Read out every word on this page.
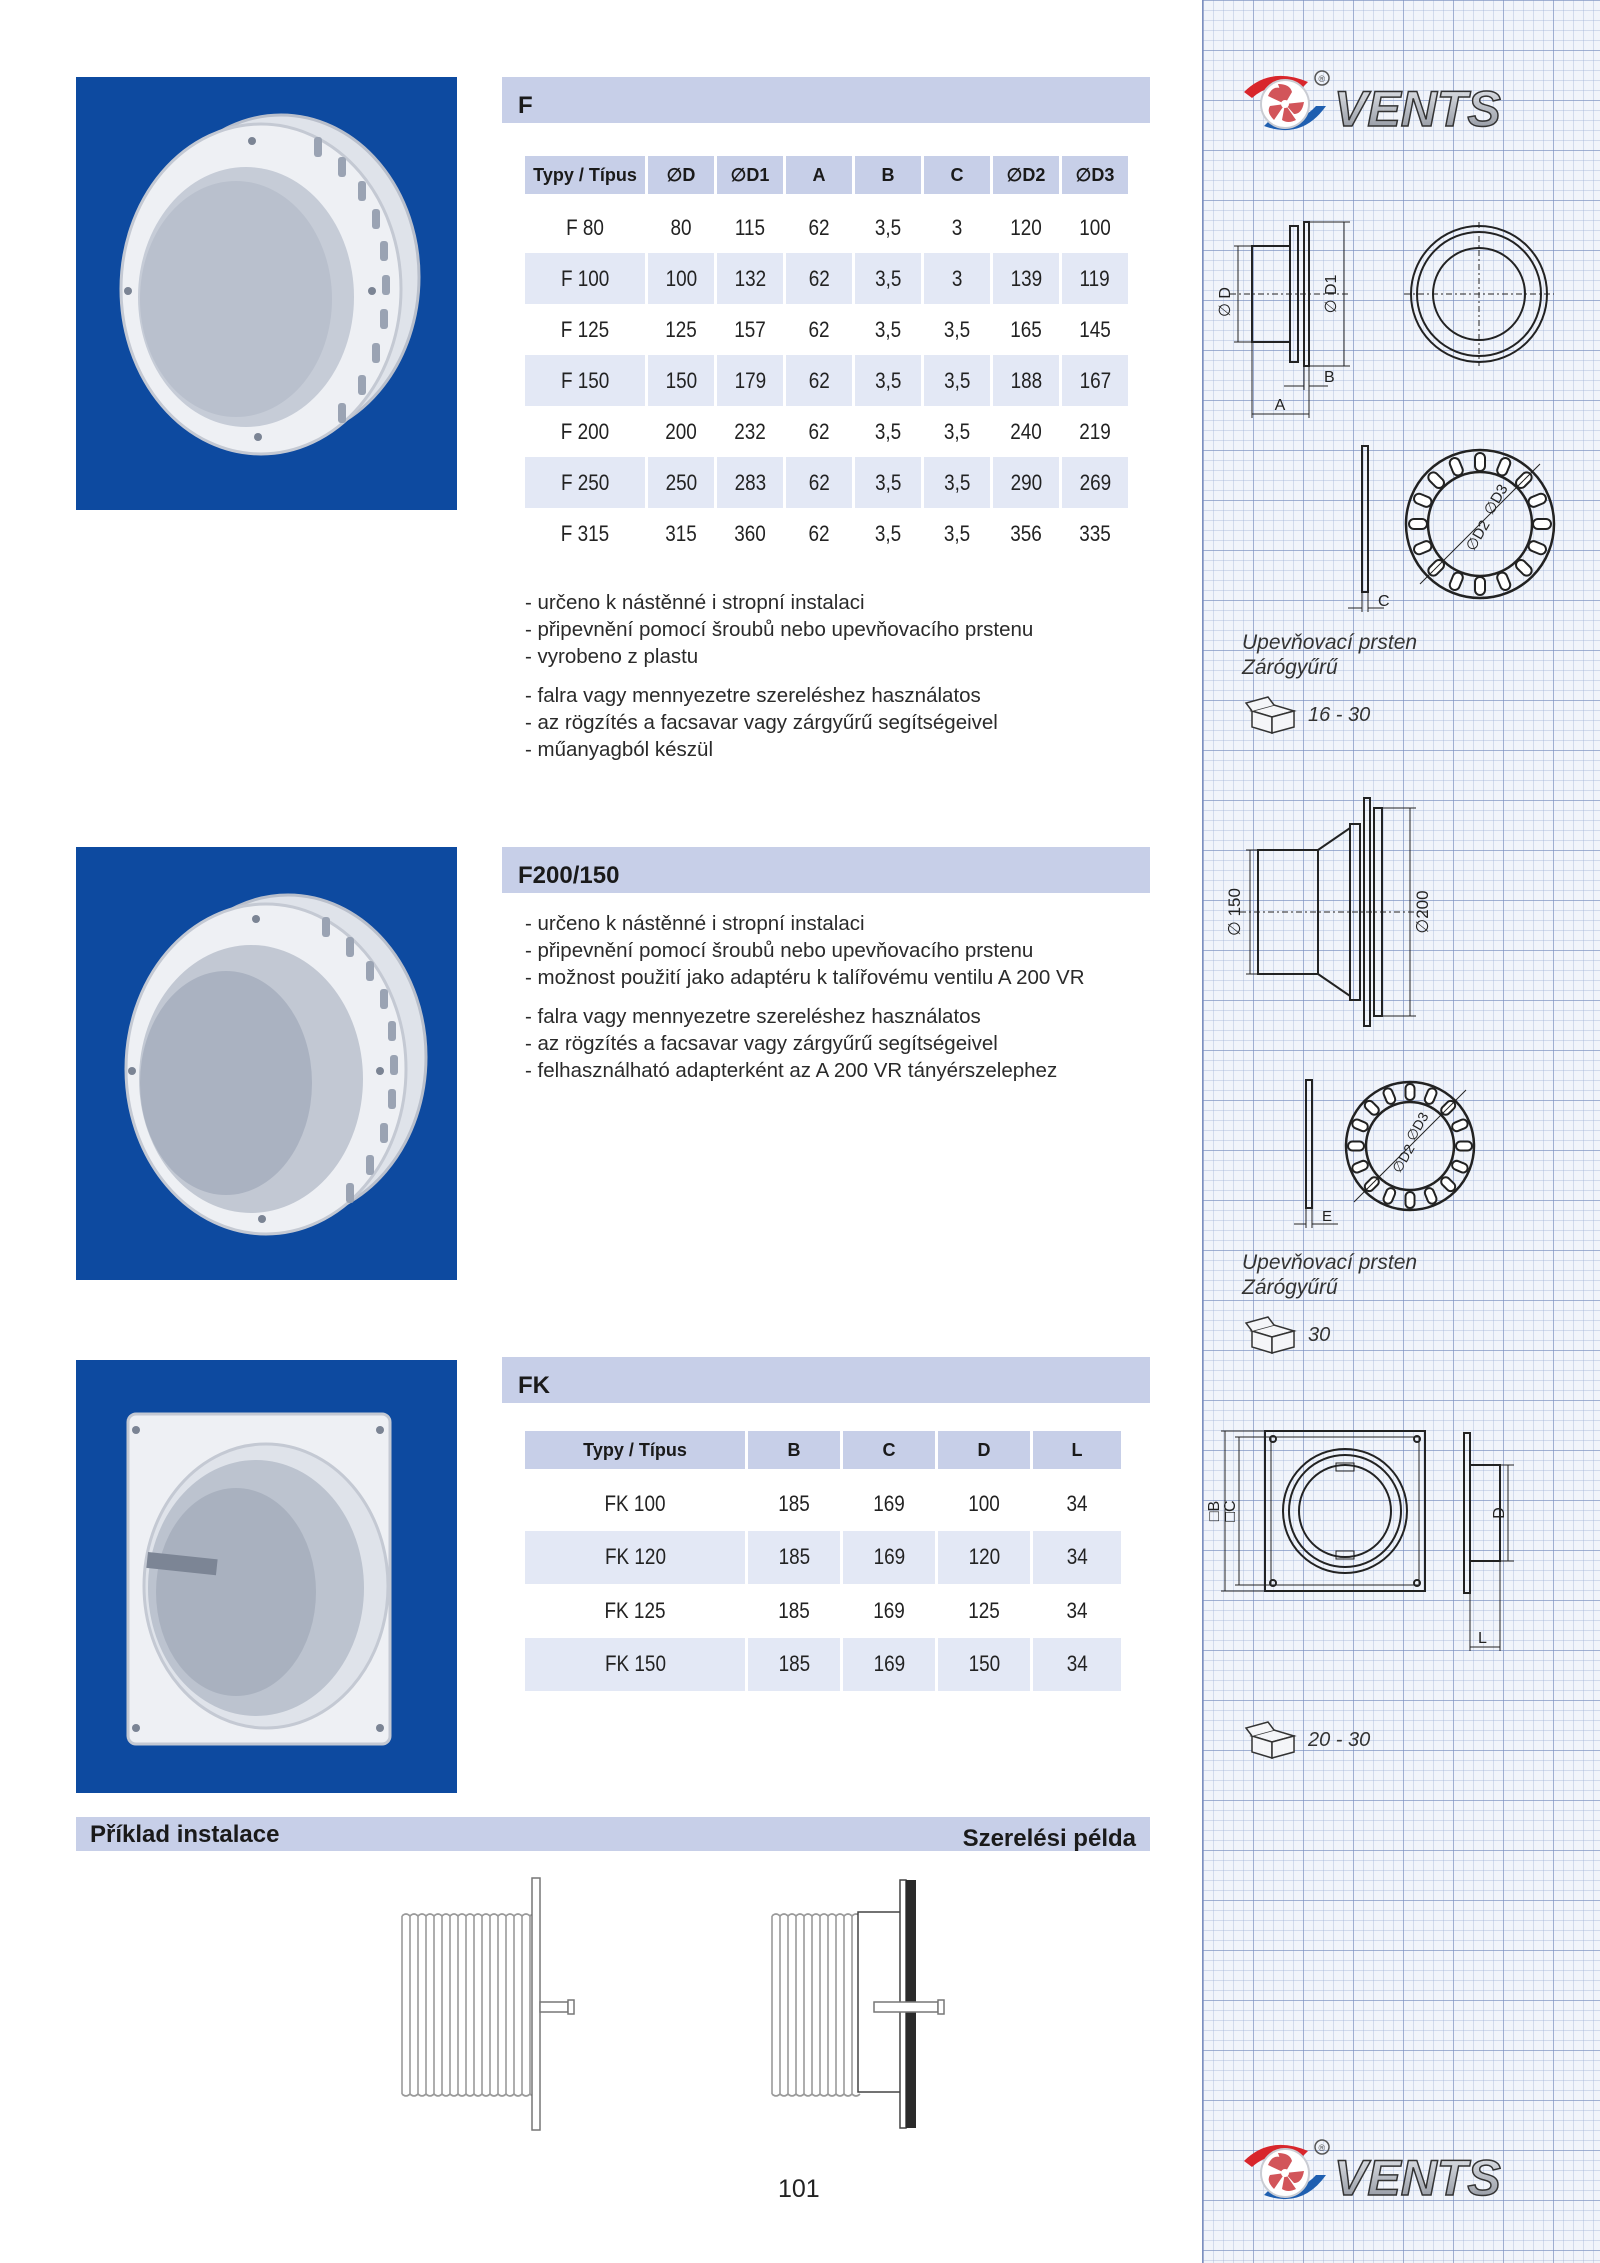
®
VENTS
®
VENTS
F
Typy / Típus	∅D	∅D1	A	B	C	∅D2	∅D3
F 80	80	115	62	3,5	3	120	100
F 100	100	132	62	3,5	3	139	119
F 125	125	157	62	3,5	3,5	165	145
F 150	150	179	62	3,5	3,5	188	167
F 200	200	232	62	3,5	3,5	240	219
F 250	250	283	62	3,5	3,5	290	269
F 315	315	360	62	3,5	3,5	356	335
- určeno k nástěnné i stropní instalaci
- připevnění pomocí šroubů nebo upevňovacího prstenu
- vyrobeno z plastu
- falra vagy mennyezetre szereléshez használatos
- az rögzítés a facsavar vagy zárgyűrű segítségeivel
- műanyagból készül
∅ D	∅ D1
A
B
C
∅D3
∅D2
Upevňovací prsten
Zárógyűrű
16 - 30
F200/150
- určeno k nástěnné i stropní instalaci
- připevnění pomocí šroubů nebo upevňovacího prstenu
- možnost použití jako adaptéru k talířovému ventilu A 200 VR
- falra vagy mennyezetre szereléshez használatos
- az rögzítés a facsavar vagy zárgyűrű segítségeivel
- felhasználható adapterként az A 200 VR tányérszelephez
∅ 150	∅200
E
∅D3
∅D2
Upevňovací prsten
Zárógyűrű
30
FK
Typy / Típus	B	C	D	L
FK 100	185	169	100	34
FK 120	185	169	120	34
FK 125	185	169	125	34
FK 150	185	169	150	34
□B □C	D
L
20 - 30
Příklad instalace	Szerelési példa
101
